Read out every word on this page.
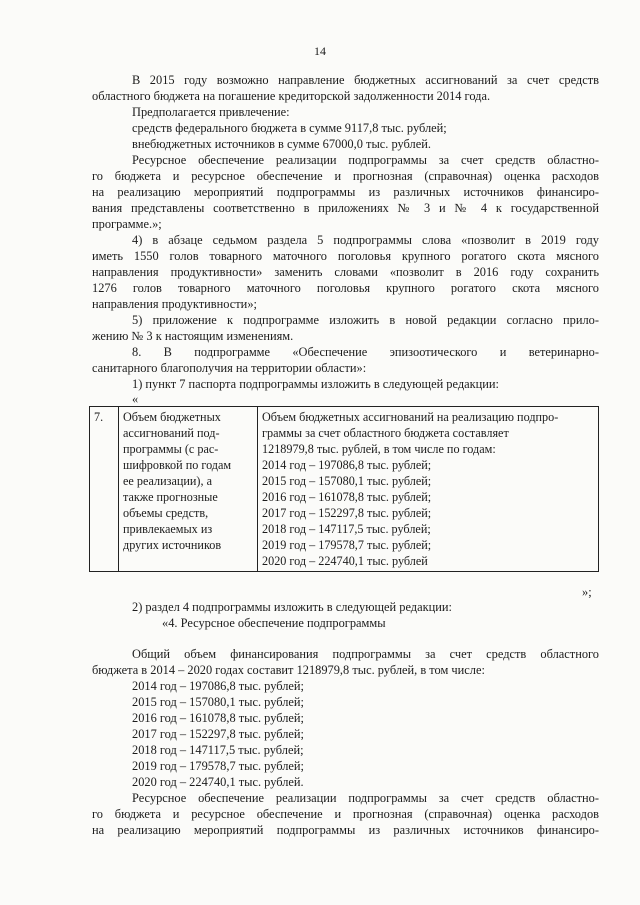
14
В 2015 году возможно направление бюджетных ассигнований за счет средств
областного бюджета на погашение кредиторской задолженности 2014 года.
Предполагается привлечение:
средств федерального бюджета в сумме 9117,8 тыс. рублей;
внебюджетных источников в сумме 67000,0 тыс. рублей.
Ресурсное обеспечение реализации подпрограммы за счет средств областно-
го бюджета и ресурсное обеспечение и прогнозная (справочная) оценка расходов
на реализацию мероприятий подпрограммы из различных источников финансиро-
вания представлены соответственно в приложениях № 3 и № 4 к государственной
программе.»;
4) в абзаце седьмом раздела 5 подпрограммы слова «позволит в 2019 году
иметь 1550 голов товарного маточного поголовья крупного рогатого скота мясного
направления продуктивности» заменить словами «позволит в 2016 году сохранить
1276 голов товарного маточного поголовья крупного рогатого скота мясного
направления продуктивности»;
5) приложение к подпрограмме изложить в новой редакции согласно прило-
жению № 3 к настоящим изменениям.
8. В подпрограмме «Обеспечение эпизоотического и ветеринарно-
санитарного благополучия на территории области»:
1) пункт 7 паспорта подпрограммы изложить в следующей редакции:
«
7.	Объем бюджетных
ассигнований под-
программы (с рас-
шифровкой по годам
ее реализации), а
также прогнозные
объемы средств,
привлекаемых из
других источников

Объем бюджетных ассигнований на реализацию подпро-
граммы за счет областного бюджета составляет
1218979,8 тыс. рублей, в том числе по годам:
2014 год – 197086,8 тыс. рублей;
2015 год – 157080,1 тыс. рублей;
2016 год – 161078,8 тыс. рублей;
2017 год – 152297,8 тыс. рублей;
2018 год – 147117,5 тыс. рублей;
2019 год – 179578,7 тыс. рублей;
2020 год – 224740,1 тыс. рублей
»;
2) раздел 4 подпрограммы изложить в следующей редакции:
«4. Ресурсное обеспечение подпрограммы
Общий объем финансирования подпрограммы за счет средств областного
бюджета в 2014 – 2020 годах составит 1218979,8 тыс. рублей, в том числе:
2014 год – 197086,8 тыс. рублей;
2015 год – 157080,1 тыс. рублей;
2016 год – 161078,8 тыс. рублей;
2017 год – 152297,8 тыс. рублей;
2018 год – 147117,5 тыс. рублей;
2019 год – 179578,7 тыс. рублей;
2020 год – 224740,1 тыс. рублей.
Ресурсное обеспечение реализации подпрограммы за счет средств областно-
го бюджета и ресурсное обеспечение и прогнозная (справочная) оценка расходов
на реализацию мероприятий подпрограммы из различных источников финансиро-
